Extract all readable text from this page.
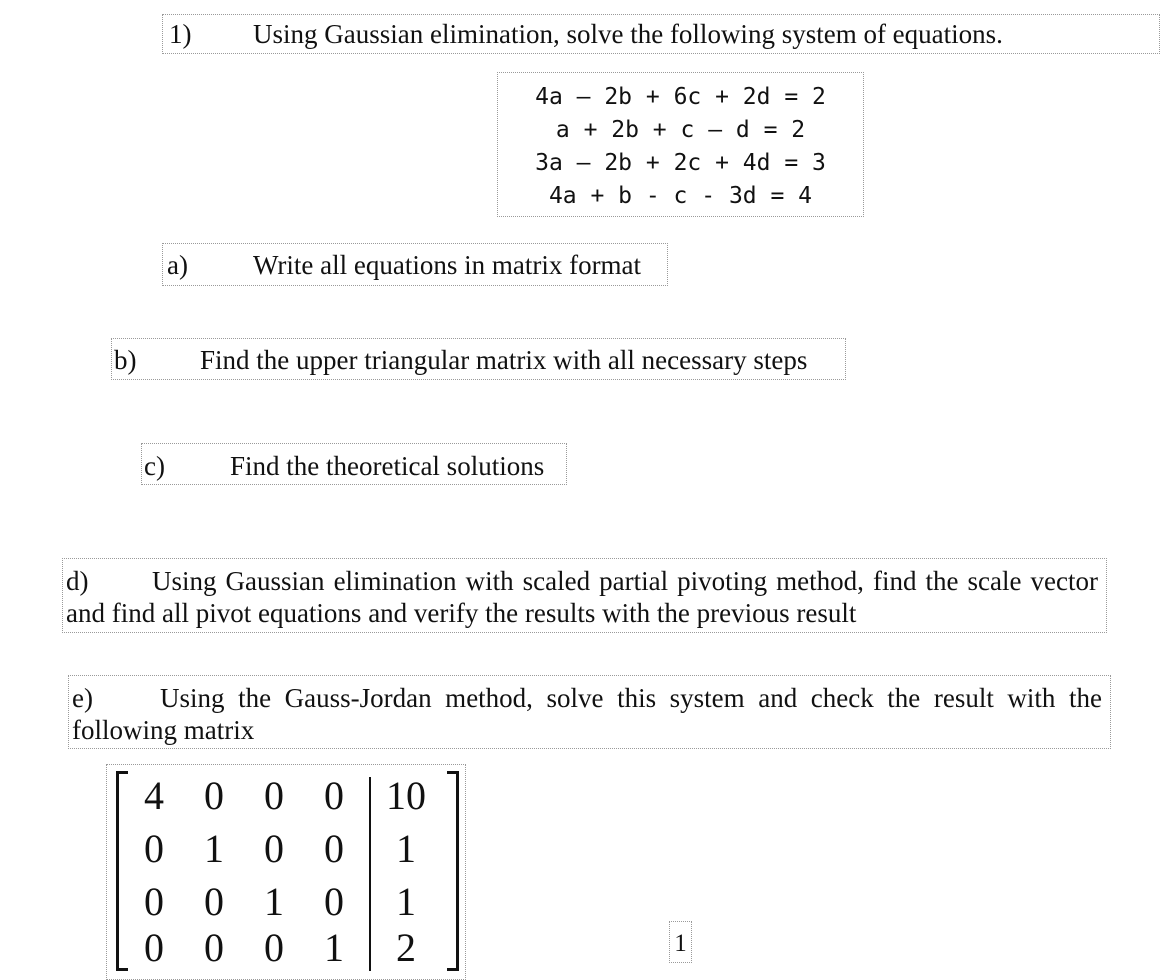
1) Using Gaussian elimination, solve the following system of equations.
4a — 2b + 6c + 2d = 2
a + 2b + c — d = 2
3a — 2b + 2c + 4d = 3
4a + b - c - 3d = 4
a) Write all equations in matrix format
b) Find the upper triangular matrix with all necessary steps
c) Find the theoretical solutions
d) Using Gaussian elimination with scaled partial pivoting method, find the scale vector and find all pivot equations and verify the results with the previous result
e) Using the Gauss-Jordan method, solve this system and check the result with the following matrix
4 0 0 0 10
0 1 0 0 1
0 0 1 0 1
0 0 0 1 2	1
